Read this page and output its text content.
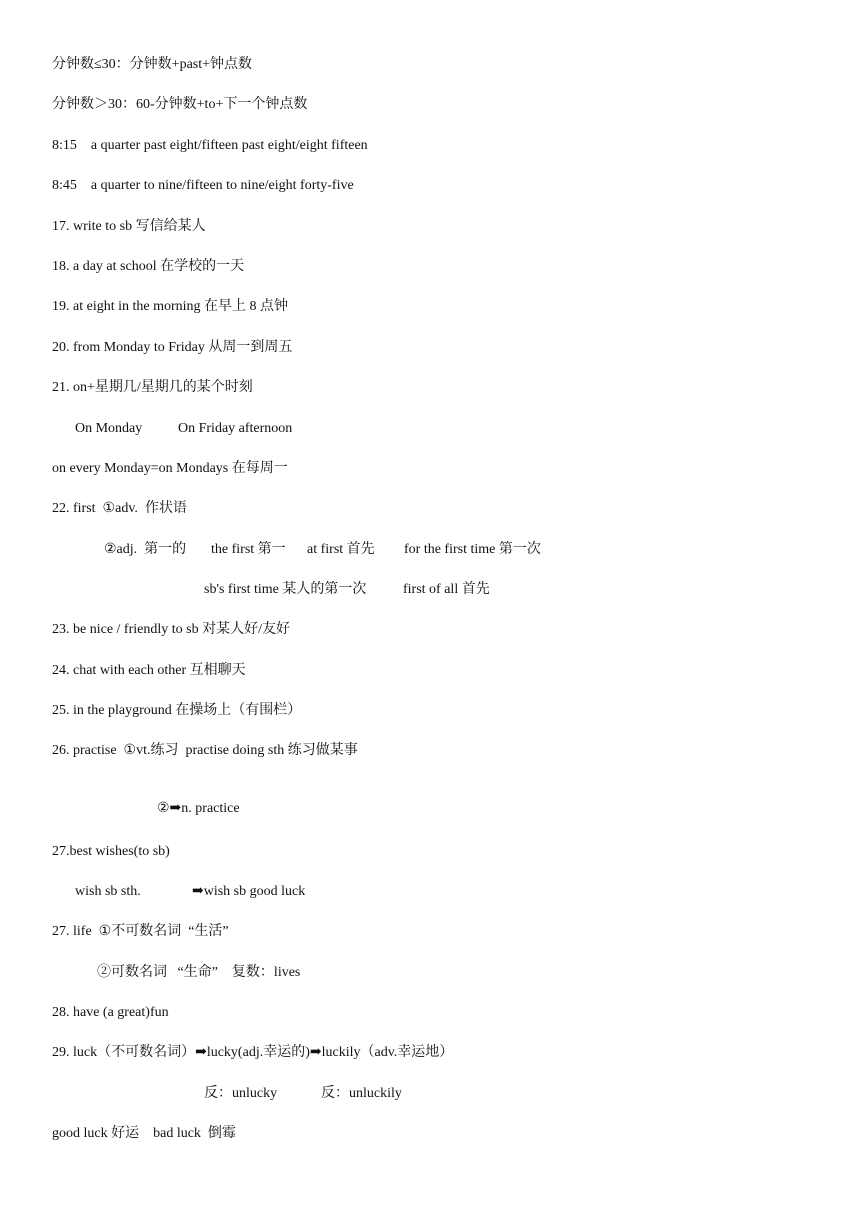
分钟数≤30：分钟数+past+钟点数
分钟数＞30：60-分钟数+to+下一个钟点数
8:15    a quarter past eight/fifteen past eight/eight fifteen
8:45    a quarter to nine/fifteen to nine/eight forty-five
17. write to sb 写信给某人
18. a day at school 在学校的一天
19. at eight in the morning 在早上 8 点钟
20. from Monday to Friday 从周一到周五
21. on+星期几/星期几的某个时刻

On Monday

	On Friday afternoon

on every Monday=on Mondays 在每周一
22. first  ①adv.  作状语

②adj.  第一的

the first 第一

at first 首先

for the first time 第一次

sb's first time 某人的第一次

	first of all 首先

23. be nice / friendly to sb 对某人好/友好
24. chat with each other 互相聊天
25. in the playground 在操场上（有围栏）
26. practise  ①vt.练习  practise doing sth 练习做某事
②➡n. practice
27.best wishes(to sb)

wish sb sth.

	➡wish sb good luck

27. life  ①不可数名词  “生活”
②可数名词   “生命”    复数：lives
28. have (a great)fun
29. luck（不可数名词）➡lucky(adj.幸运的)➡luckily（adv.幸运地）

反：unlucky

	反：unluckily

good luck 好运    bad luck  倒霉
